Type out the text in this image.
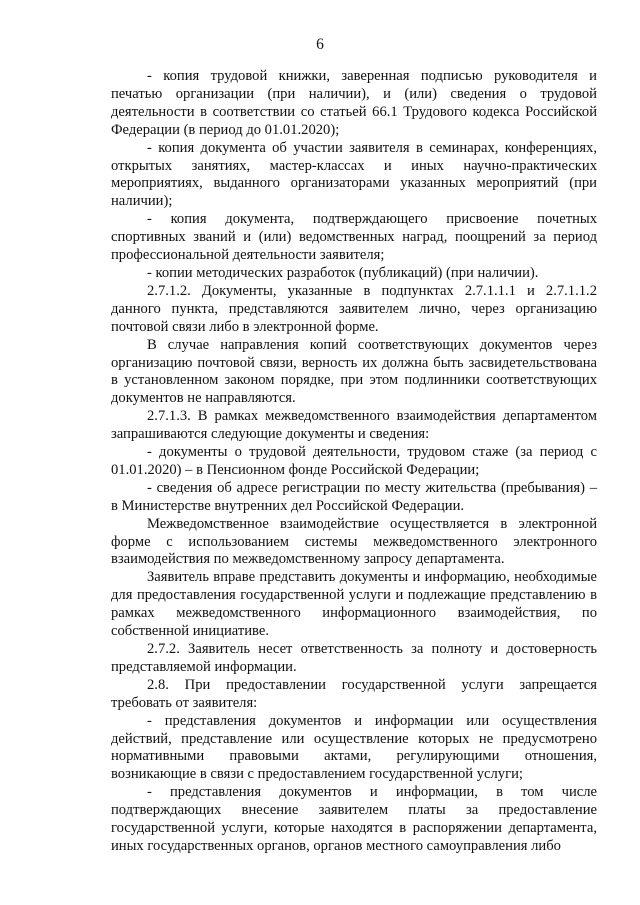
6

- копия трудовой книжки, заверенная подписью руководителя и печатью организации (при наличии), и (или) сведения о трудовой деятельности в соответствии со статьей 66.1 Трудового кодекса Российской Федерации (в период до 01.01.2020);

- копия документа об участии заявителя в семинарах, конференциях, открытых занятиях, мастер-классах и иных научно-практических мероприятиях, выданного организаторами указанных мероприятий (при наличии);

- копия документа, подтверждающего присвоение почетных спортивных званий и (или) ведомственных наград, поощрений за период профессиональной деятельности заявителя;

- копии методических разработок (публикаций) (при наличии).

2.7.1.2. Документы, указанные в подпунктах 2.7.1.1.1 и 2.7.1.1.2 данного пункта, представляются заявителем лично, через организацию почтовой связи либо в электронной форме.

В случае направления копий соответствующих документов через организацию почтовой связи, верность их должна быть засвидетельствована в установленном законом порядке, при этом подлинники соответствующих документов не направляются.

2.7.1.3. В рамках межведомственного взаимодействия департаментом запрашиваются следующие документы и сведения:

- документы о трудовой деятельности, трудовом стаже (за период с 01.01.2020) – в Пенсионном фонде Российской Федерации;

- сведения об адресе регистрации по месту жительства (пребывания) – в Министерстве внутренних дел Российской Федерации.

Межведомственное взаимодействие осуществляется в электронной форме с использованием системы межведомственного электронного взаимодействия по межведомственному запросу департамента.

Заявитель вправе представить документы и информацию, необходимые для предоставления государственной услуги и подлежащие представлению в рамках межведомственного информационного взаимодействия, по собственной инициативе.

2.7.2. Заявитель несет ответственность за полноту и достоверность представляемой информации.

2.8. При предоставлении государственной услуги запрещается требовать от заявителя:

- представления документов и информации или осуществления действий, представление или осуществление которых не предусмотрено нормативными правовыми актами, регулирующими отношения, возникающие в связи с предоставлением государственной услуги;

- представления документов и информации, в том числе подтверждающих внесение заявителем платы за предоставление государственной услуги, которые находятся в распоряжении департамента, иных государственных органов, органов местного самоуправления либо
